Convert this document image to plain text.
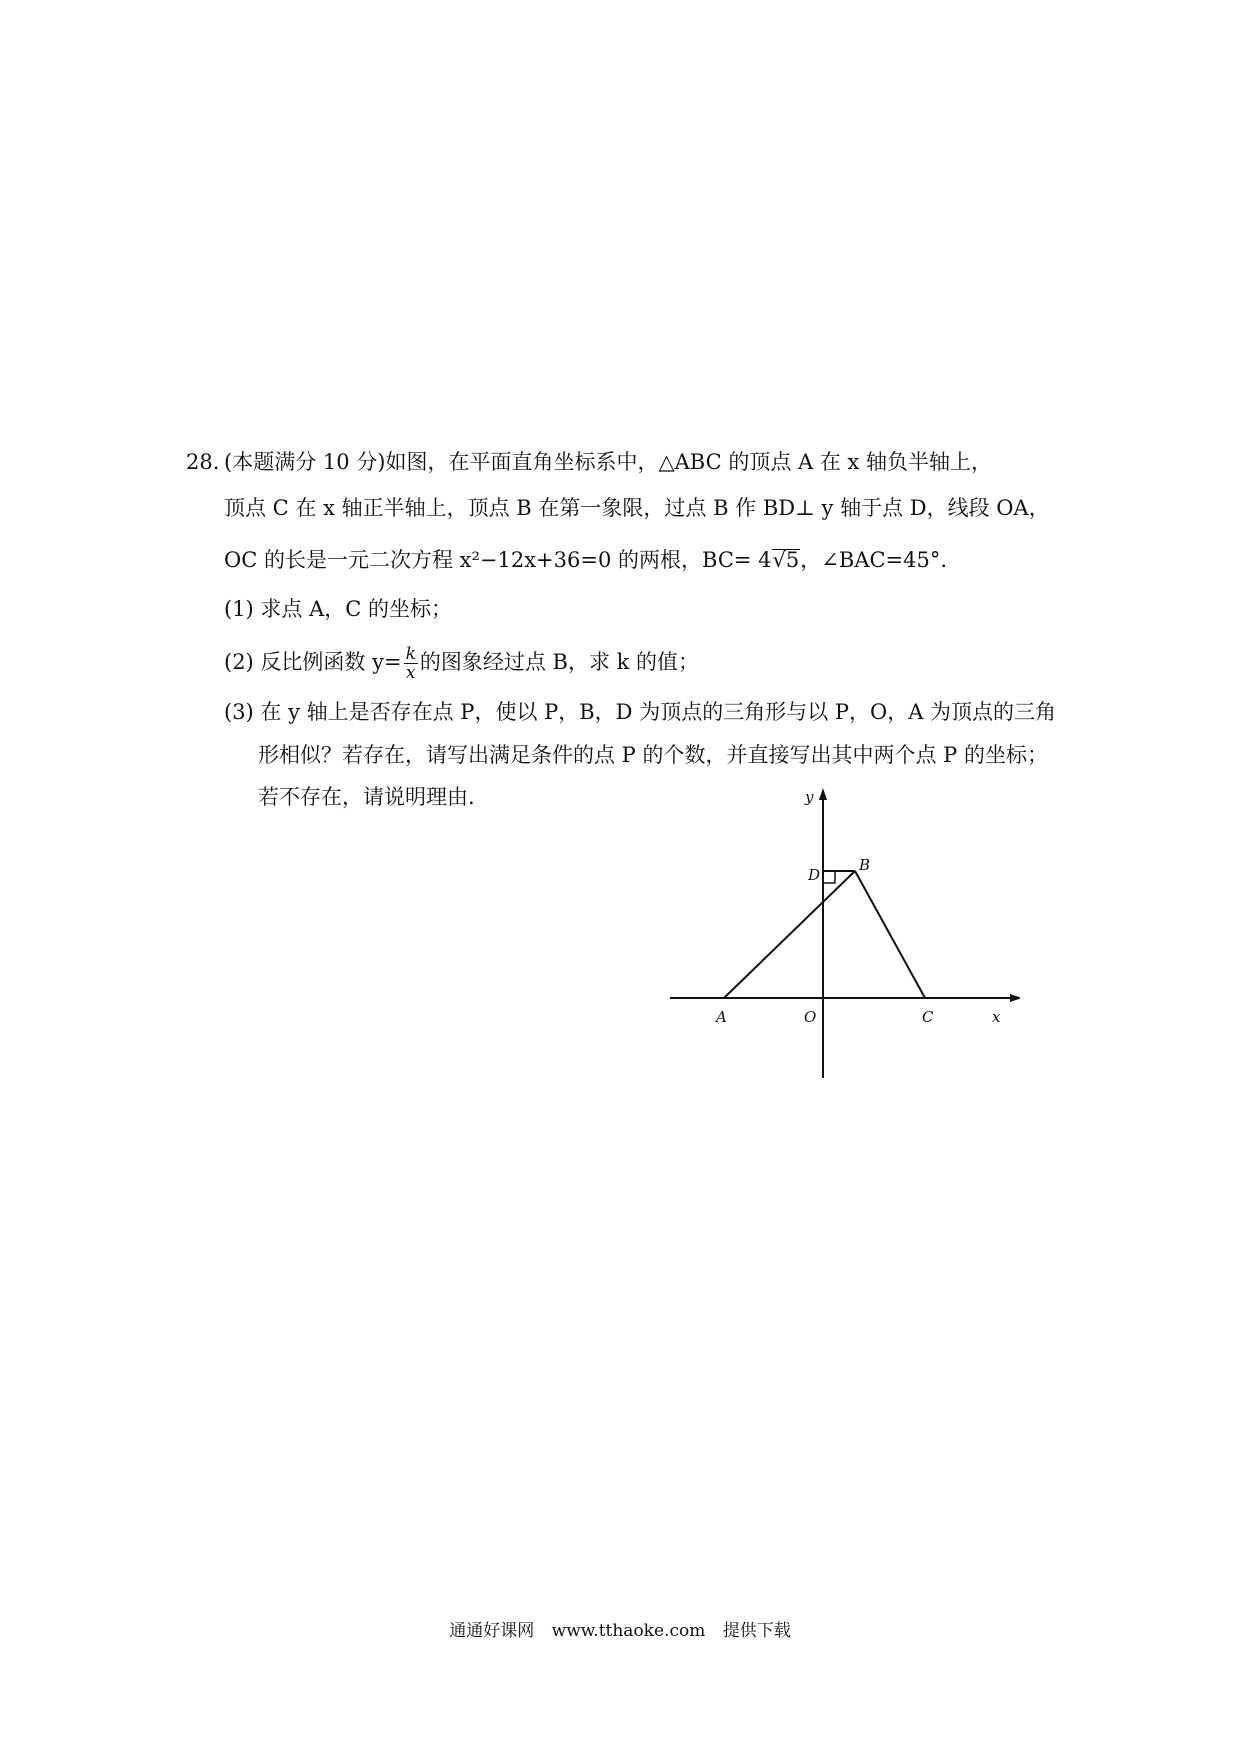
28. (本题满分 10 分)如图，在平面直角坐标系中，△ABC 的顶点 A 在 x 轴负半轴上，
顶点 C 在 x 轴正半轴上，顶点 B 在第一象限，过点 B 作 BD⊥ y 轴于点 D，线段 OA，
OC 的长是一元二次方程 x²−12x+36=0 的两根，BC= 4√5，∠BAC=45°.
(1) 求点 A，C 的坐标；
(2) 反比例函数 $y= \frac{k}{x}$ 的图象经过点 B，求 k 的值；
(3) 在 y 轴上是否存在点 P，使以 P，B，D 为顶点的三角形与以 P，O，A 为顶点的三角
形相似？若存在，请写出满足条件的点 P 的个数，并直接写出其中两个点 P 的坐标；
若不存在，请说明理由.	y
x
O
A	C
B
D
通通好课网 www.tthaoke.com 提供下载
